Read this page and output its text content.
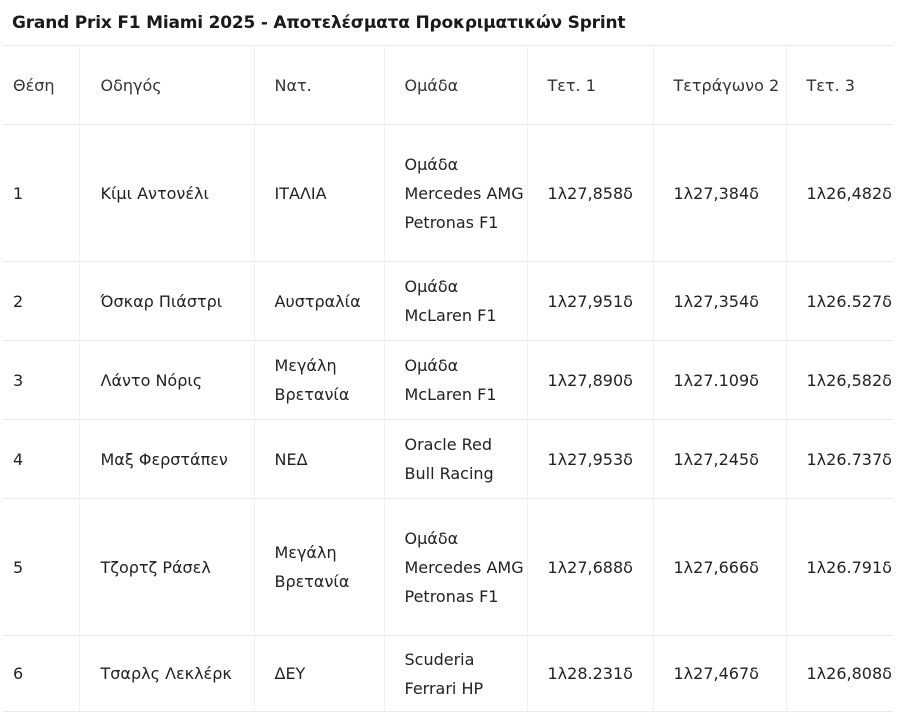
Grand Prix F1 Miami 2025 - Αποτελέσματα Προκριματικών Sprint
Θέση	Οδηγός	Νατ.	Ομάδα	Τετ. 1	Τετράγωνο 2	Τετ. 3
1	Κίμι Αντονέλι	ΙΤΑΛΙΑ	Ομάδα Mercedes AMG Petronas F1	1λ27,858δ	1λ27,384δ	1λ26,482δ
2	Όσκαρ Πιάστρι	Αυστραλία	Ομάδα McLaren F1	1λ27,951δ	1λ27,354δ	1λ26.527δ
3	Λάντο Νόρις	Μεγάλη Βρετανία	Ομάδα McLaren F1	1λ27,890δ	1λ27.109δ	1λ26,582δ
4	Μαξ Φερστάπεν	ΝΕΔ	Oracle Red Bull Racing	1λ27,953δ	1λ27,245δ	1λ26.737δ
5	Τζορτζ Ράσελ	Μεγάλη Βρετανία	Ομάδα Mercedes AMG Petronas F1	1λ27,688δ	1λ27,666δ	1λ26.791δ
6	Τσαρλς Λεκλέρκ	ΔΕΥ	Scuderia Ferrari HP	1λ28.231δ	1λ27,467δ	1λ26,808δ
